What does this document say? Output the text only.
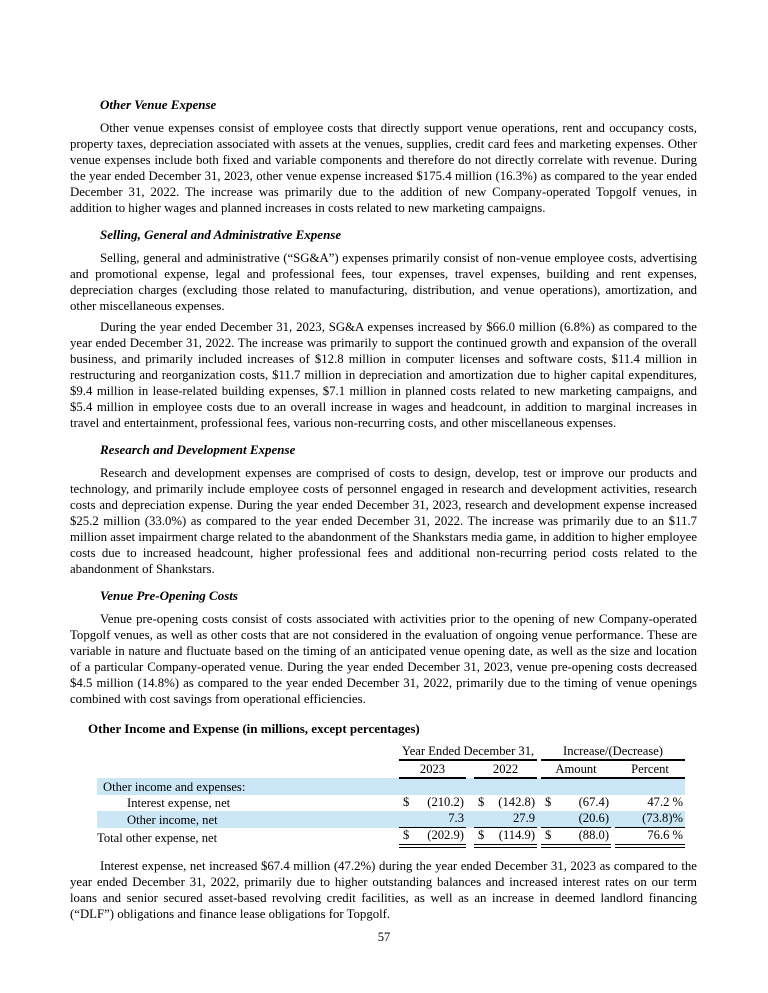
Other Venue Expense

Other venue expenses consist of employee costs that directly support venue operations, rent and occupancy costs, property taxes, depreciation associated with assets at the venues, supplies, credit card fees and marketing expenses. Other venue expenses include both fixed and variable components and therefore do not directly correlate with revenue. During the year ended December 31, 2023, other venue expense increased $175.4 million (16.3%) as compared to the year ended December 31, 2022. The increase was primarily due to the addition of new Company-operated Topgolf venues, in addition to higher wages and planned increases in costs related to new marketing campaigns.

Selling, General and Administrative Expense

Selling, general and administrative (“SG&A”) expenses primarily consist of non-venue employee costs, advertising and promotional expense, legal and professional fees, tour expenses, travel expenses, building and rent expenses, depreciation charges (excluding those related to manufacturing, distribution, and venue operations), amortization, and other miscellaneous expenses.

During the year ended December 31, 2023, SG&A expenses increased by $66.0 million (6.8%) as compared to the year ended December 31, 2022. The increase was primarily to support the continued growth and expansion of the overall business, and primarily included increases of $12.8 million in computer licenses and software costs, $11.4 million in restructuring and reorganization costs, $11.7 million in depreciation and amortization due to higher capital expenditures, $9.4 million in lease-related building expenses, $7.1 million in planned costs related to new marketing campaigns, and $5.4 million in employee costs due to an overall increase in wages and headcount, in addition to marginal increases in travel and entertainment, professional fees, various non-recurring costs, and other miscellaneous expenses.

Research and Development Expense

Research and development expenses are comprised of costs to design, develop, test or improve our products and technology, and primarily include employee costs of personnel engaged in research and development activities, research costs and depreciation expense. During the year ended December 31, 2023, research and development expense increased $25.2 million (33.0%) as compared to the year ended December 31, 2022. The increase was primarily due to an $11.7 million asset impairment charge related to the abandonment of the Shankstars media game, in addition to higher employee costs due to increased headcount, higher professional fees and additional non-recurring period costs related to the abandonment of Shankstars.

Venue Pre-Opening Costs

Venue pre-opening costs consist of costs associated with activities prior to the opening of new Company-operated Topgolf venues, as well as other costs that are not considered in the evaluation of ongoing venue performance. These are variable in nature and fluctuate based on the timing of an anticipated venue opening date, as well as the size and location of a particular Company-operated venue. During the year ended December 31, 2023, venue pre-opening costs decreased $4.5 million (14.8%) as compared to the year ended December 31, 2022, primarily due to the timing of venue openings combined with cost savings from operational efficiencies.

Other Income and Expense (in millions, except percentages)
	Year Ended December 31,				Increase/(Decrease)		
	2023		2022		Amount		Percent
Other income and expenses:							
Interest expense, net	$ (210.2)		$ (142.8)		$ (67.4)		47.2 %

Other income, net	7.3		27.9		(20.6)		(73.8)%

Total other expense, net	$ (202.9)		$ (114.9)		$ (88.0)		76.6 %

Interest expense, net increased $67.4 million (47.2%) during the year ended December 31, 2023 as compared to the year ended December 31, 2022, primarily due to higher outstanding balances and increased interest rates on our term loans and senior secured asset-based revolving credit facilities, as well as an increase in deemed landlord financing (“DLF”) obligations and finance lease obligations for Topgolf.

57
